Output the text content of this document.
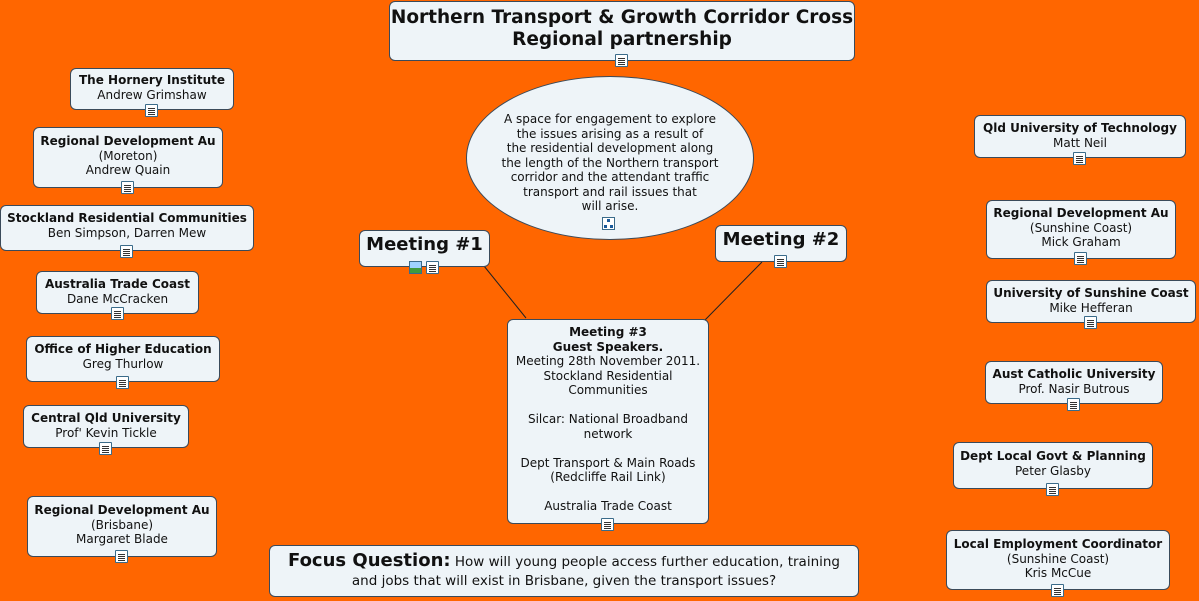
Northern Transport & Growth Corridor Cross
Regional partnership
A space for engagement to explore
the issues arising as a result of
the residential development along
the length of the Northern transport
corridor and the attendant traffic
transport and rail issues that
will arise.
Meeting #1	Meeting #2
Meeting #3
Guest Speakers.
Meeting 28th November 2011.
Stockland Residential
Communities
Silcar: National Broadband
network
Dept Transport & Main Roads
(Redcliffe Rail Link)
Australia Trade Coast
Focus Question: How will young people access further education, training
and jobs that will exist in Brisbane, given the transport issues?
The Hornery Institute
Andrew Grimshaw
Regional Development Au
(Moreton)
Andrew Quain
Stockland Residential Communities
Ben Simpson, Darren Mew
Australia Trade Coast
Dane McCracken
Office of Higher Education
Greg Thurlow
Central Qld University
Prof' Kevin Tickle
Regional Development Au
(Brisbane)
Margaret Blade
Qld University of Technology
Matt Neil
Regional Development Au
(Sunshine Coast)
Mick Graham
University of Sunshine Coast
Mike Hefferan
Aust Catholic University
Prof. Nasir Butrous
Dept Local Govt & Planning
Peter Glasby
Local Employment Coordinator
(Sunshine Coast)
Kris McCue
